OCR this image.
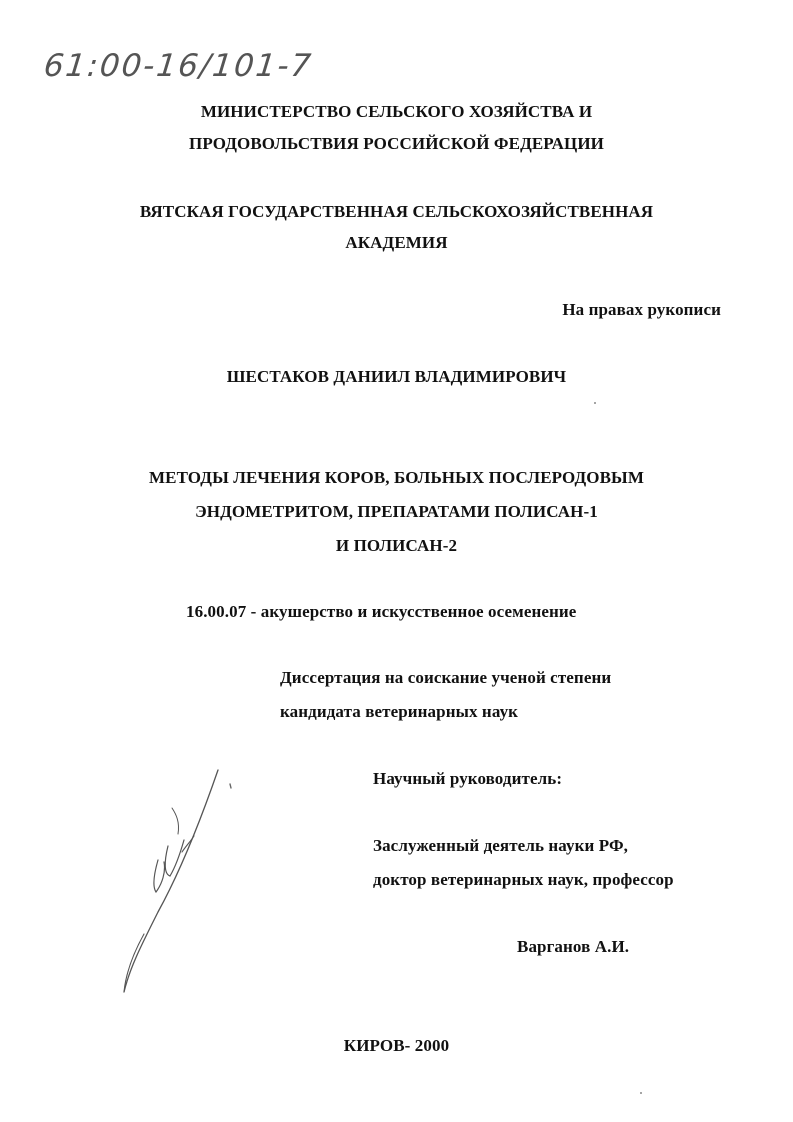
61:00-16/101-7
МИНИСТЕРСТВО СЕЛЬСКОГО ХОЗЯЙСТВА И
ПРОДОВОЛЬСТВИЯ РОССИЙСКОЙ ФЕДЕРАЦИИ
ВЯТСКАЯ ГОСУДАРСТВЕННАЯ СЕЛЬСКОХОЗЯЙСТВЕННАЯ
АКАДЕМИЯ
На правах рукописи
ШЕСТАКОВ ДАНИИЛ ВЛАДИМИРОВИЧ
МЕТОДЫ ЛЕЧЕНИЯ КОРОВ, БОЛЬНЫХ ПОСЛЕРОДОВЫМ
ЭНДОМЕТРИТОМ, ПРЕПАРАТАМИ ПОЛИСАН-1
И ПОЛИСАН-2
16.00.07 - акушерство и искусственное осеменение
Диссертация на соискание ученой степени
кандидата ветеринарных наук
Научный руководитель:
Заслуженный деятель науки РФ,
доктор ветеринарных наук, профессор
Варганов А.И.
КИРОВ- 2000
